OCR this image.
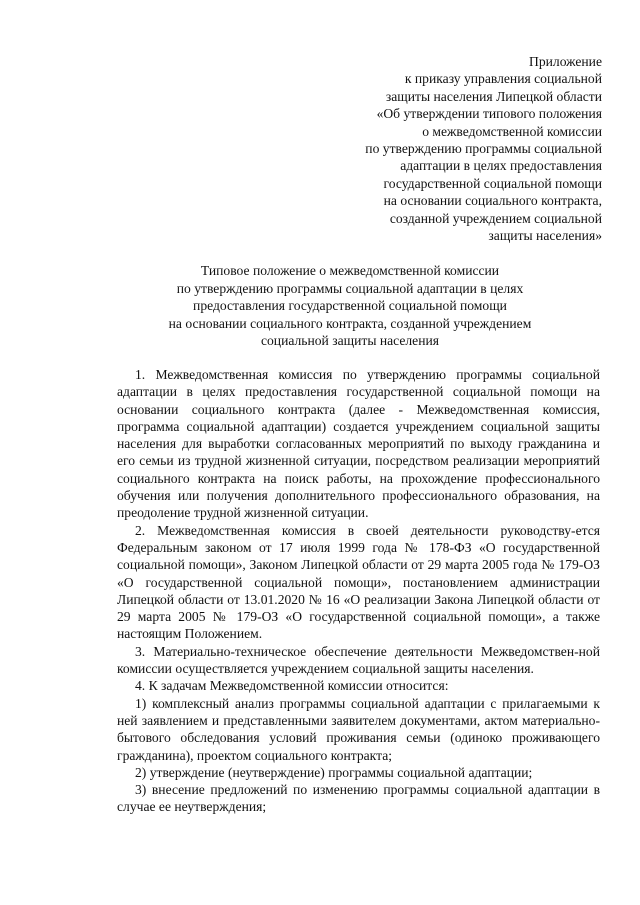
Приложение
к приказу управления социальной
защиты населения Липецкой области
«Об утверждении типового положения
о межведомственной комиссии
по утверждению программы социальной
адаптации в целях предоставления
государственной социальной помощи
на основании социального контракта,
созданной учреждением социальной
защиты населения»
Типовое положение о межведомственной комиссии
по утверждению программы социальной адаптации в целях
предоставления государственной социальной помощи
на основании социального контракта, созданной учреждением
социальной защиты населения

1. Межведомственная комиссия по утверждению программы социальной адаптации в целях предоставления государственной социальной помощи на основании социального контракта (далее - Межведомственная комиссия, программа социальной адаптации) создается учреждением социальной защиты населения для выработки согласованных мероприятий по выходу гражданина и его семьи из трудной жизненной ситуации, посредством реализации мероприятий социального контракта на поиск работы, на прохождение профессионального обучения или получения дополнительного профессионального образования, на преодоление трудной жизненной ситуации.

2. Межведомственная комиссия в своей деятельности руководству-ется Федеральным законом от 17 июля 1999 года № 178-ФЗ «О государственной социальной помощи», Законом Липецкой области от 29 марта 2005 года № 179-ОЗ «О государственной социальной помощи», постановлением администрации Липецкой области от 13.01.2020 № 16 «О реализации Закона Липецкой области от 29 марта 2005 № 179-ОЗ «О государственной социальной помощи», а также настоящим Положением.

3. Материально-техническое обеспечение деятельности Межведомствен-ной комиссии осуществляется учреждением социальной защиты населения.

4. К задачам Межведомственной комиссии относится:

1) комплексный анализ программы социальной адаптации с прилагаемыми к ней заявлением и представленными заявителем документами, актом материально-бытового обследования условий проживания семьи (одиноко проживающего гражданина), проектом социального контракта;

2) утверждение (неутверждение) программы социальной адаптации;

3) внесение предложений по изменению программы социальной адаптации в случае ее неутверждения;
